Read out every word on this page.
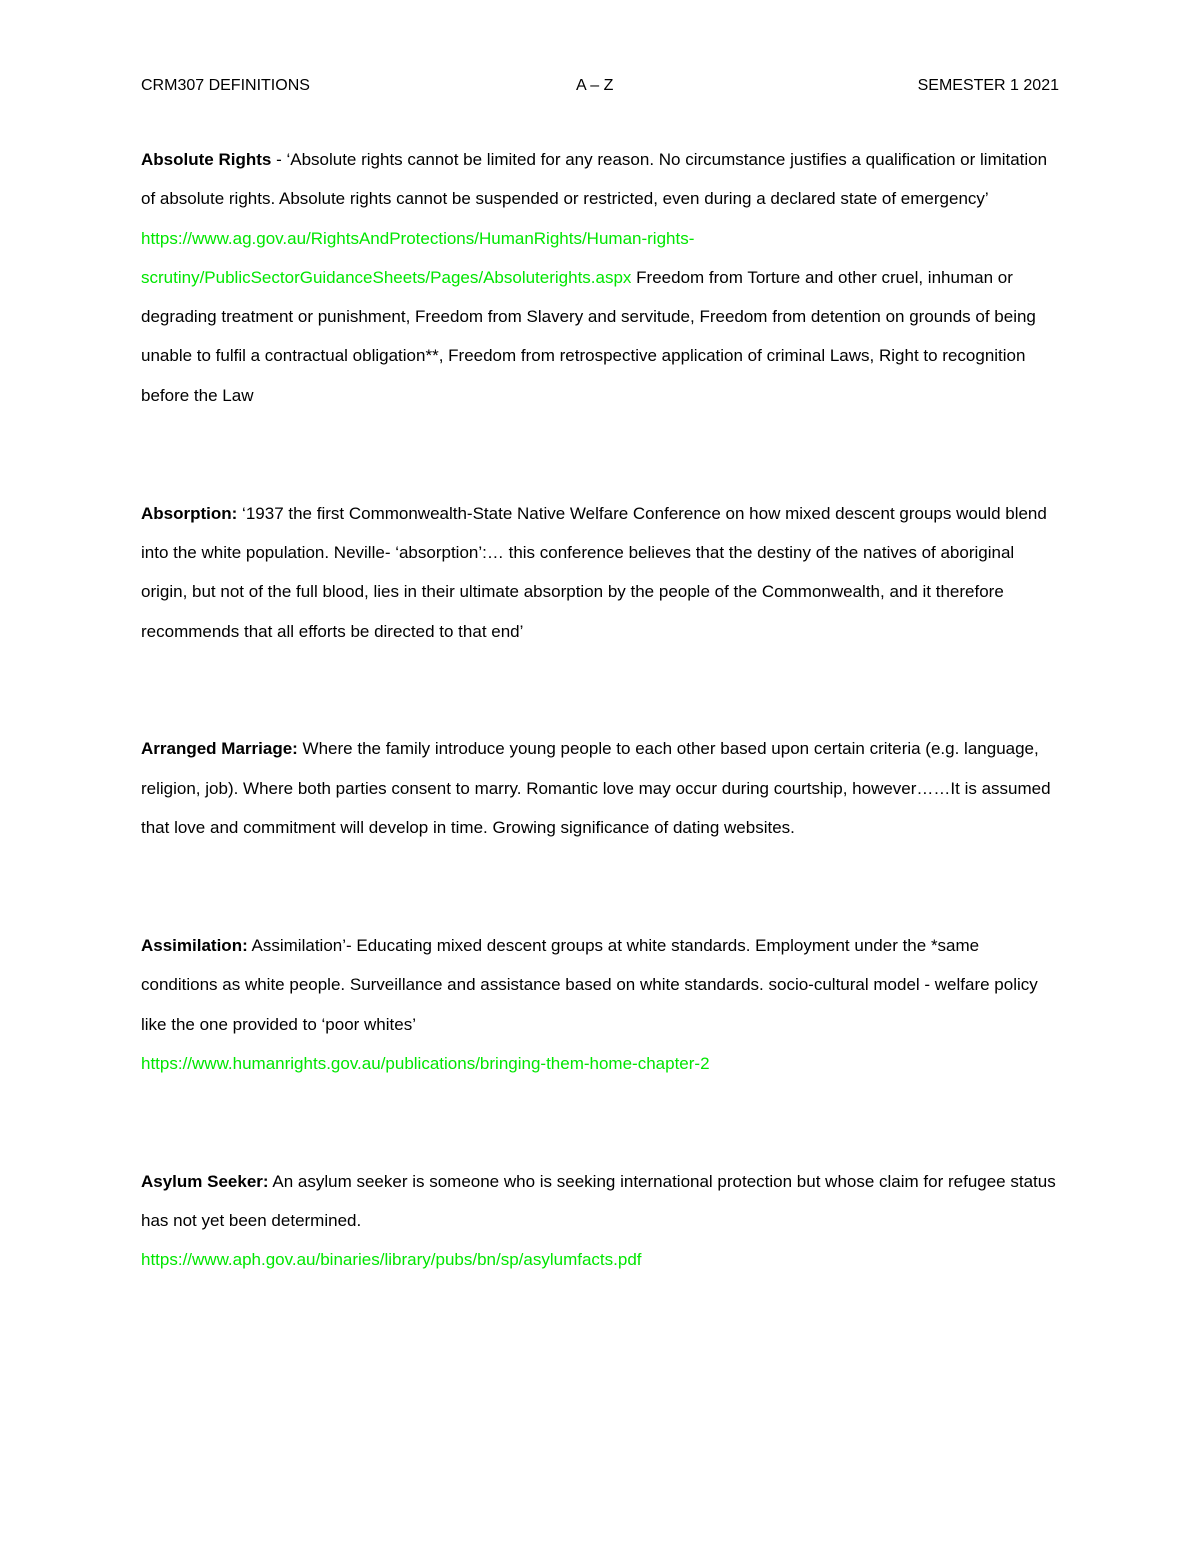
CRM307 DEFINITIONS	A – Z	SEMESTER 1 2021

Absolute Rights - ‘Absolute rights cannot be limited for any reason. No circumstance justifies a qualification or limitation of absolute rights. Absolute rights cannot be suspended or restricted, even during a declared state of emergency’
https://www.ag.gov.au/RightsAndProtections/HumanRights/Human-rights-
scrutiny/PublicSectorGuidanceSheets/Pages/Absoluterights.aspx Freedom from Torture and other cruel, inhuman or degrading treatment or punishment, Freedom from Slavery and servitude, Freedom from detention on grounds of being unable to fulfil a contractual obligation**, Freedom from retrospective application of criminal Laws, Right to recognition before the Law

Absorption: ‘1937 the first Commonwealth-State Native Welfare Conference on how mixed descent groups would blend into the white population. Neville- ‘absorption’:… this conference believes that the destiny of the natives of aboriginal origin, but not of the full blood, lies in their ultimate absorption by the people of the Commonwealth, and it therefore recommends that all efforts be directed to that end’

Arranged Marriage: Where the family introduce young people to each other based upon certain criteria (e.g. language, religion, job). Where both parties consent to marry. Romantic love may occur during courtship, however……It is assumed that love and commitment will develop in time. Growing significance of dating websites.

Assimilation: Assimilation’- Educating mixed descent groups at white standards. Employment under the *same conditions as white people. Surveillance and assistance based on white standards. socio-cultural model - welfare policy like the one provided to ‘poor whites’
https://www.humanrights.gov.au/publications/bringing-them-home-chapter-2

Asylum Seeker: An asylum seeker is someone who is seeking international protection but whose claim for refugee status has not yet been determined.
https://www.aph.gov.au/binaries/library/pubs/bn/sp/asylumfacts.pdf
